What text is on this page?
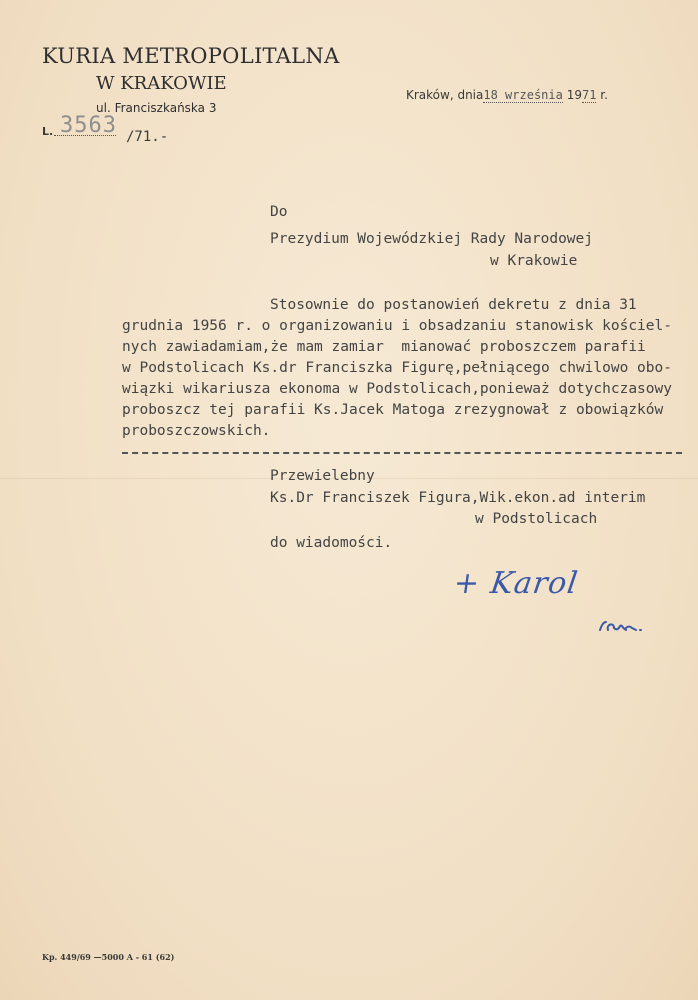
KURIA METROPOLITALNA
W KRAKOWIE
ul. Franciszkańska 3
L. 3563 /71.-
Kraków, dnia18 września 1971 r.
Do
Prezydium Wojewódzkiej Rady Narodowej
w Krakowie
Stosownie do postanowień dekretu z dnia 31
grudnia 1956 r. o organizowaniu i obsadzaniu stanowisk kościel-
nych zawiadamiam,że mam zamiar  mianować proboszczem parafii
w Podstolicach Ks.dr Franciszka Figurę,pełniącego chwilowo obo-
wiązki wikariusza ekonoma w Podstolicach,ponieważ dotychczasowy
proboszcz tej parafii Ks.Jacek Matoga zrezygnował z obowiązków
proboszczowskich.
Przewielebny
Ks.Dr Franciszek Figura,Wik.ekon.ad interim
w Podstolicach
do wiadomości.
+ Karol
Kp. 449/69 —5000 A - 61 (62)
